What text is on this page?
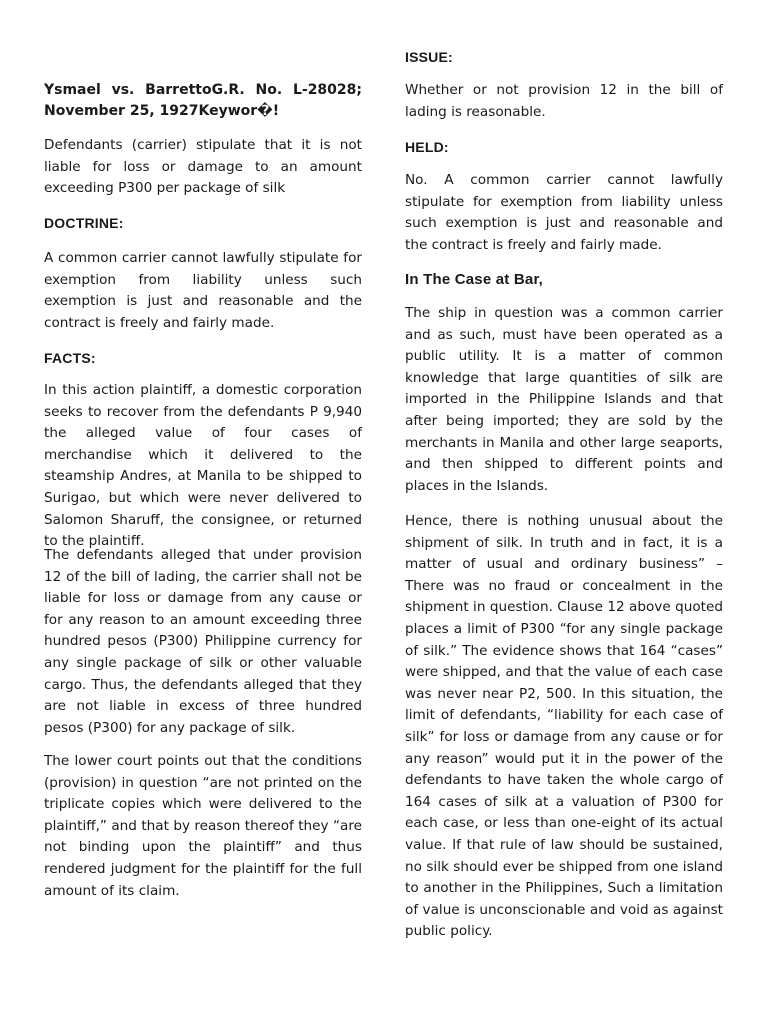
Ysmael vs. BarrettoG.R. No. L-28028; November 25, 1927Keywor�!

Defendants (carrier) stipulate that it is not liable for loss or damage to an amount exceeding P300 per package of silk

DOCTRINE:

A common carrier cannot lawfully stipulate for exemption from liability unless such exemption is just and reasonable and the contract is freely and fairly made.

FACTS:

In this action plaintiff, a domestic corporation seeks to recover from the defendants P 9,940 the alleged value of four cases of merchandise which it delivered to the steamship Andres, at Manila to be shipped to Surigao, but which were never delivered to Salomon Sharuff, the consignee, or returned to the plaintiff.

The defendants alleged that under provision 12 of the bill of lading, the carrier shall not be liable for loss or damage from any cause or for any reason to an amount exceeding three hundred pesos (P300) Philippine currency for any single package of silk or other valuable cargo. Thus, the defendants alleged that they are not liable in excess of three hundred pesos (P300) for any package of silk.

The lower court points out that the conditions (provision) in question “are not printed on the triplicate copies which were delivered to the plaintiff,” and that by reason thereof they “are not binding upon the plaintiff” and thus rendered judgment for the plaintiff for the full amount of its claim.

ISSUE:

Whether or not provision 12 in the bill of lading is reasonable.

HELD:

No. A common carrier cannot lawfully stipulate for exemption from liability unless such exemption is just and reasonable and the contract is freely and fairly made.

In The Case at Bar,

The ship in question was a common carrier and as such, must have been operated as a public utility. It is a matter of common knowledge that large quantities of silk are imported in the Philippine Islands and that after being imported; they are sold by the merchants in Manila and other large seaports, and then shipped to different points and places in the Islands.

Hence, there is nothing unusual about the shipment of silk. In truth and in fact, it is a matter of usual and ordinary business” – There was no fraud or concealment in the shipment in question. Clause 12 above quoted places a limit of P300 “for any single package of silk.” The evidence shows that 164 “cases” were shipped, and that the value of each case was never near P2, 500. In this situation, the limit of defendants, “liability for each case of silk” for loss or damage from any cause or for any reason” would put it in the power of the defendants to have taken the whole cargo of 164 cases of silk at a valuation of P300 for each case, or less than one-eight of its actual value. If that rule of law should be sustained, no silk should ever be shipped from one island to another in the Philippines, Such a limitation of value is unconscionable and void as against public policy.
